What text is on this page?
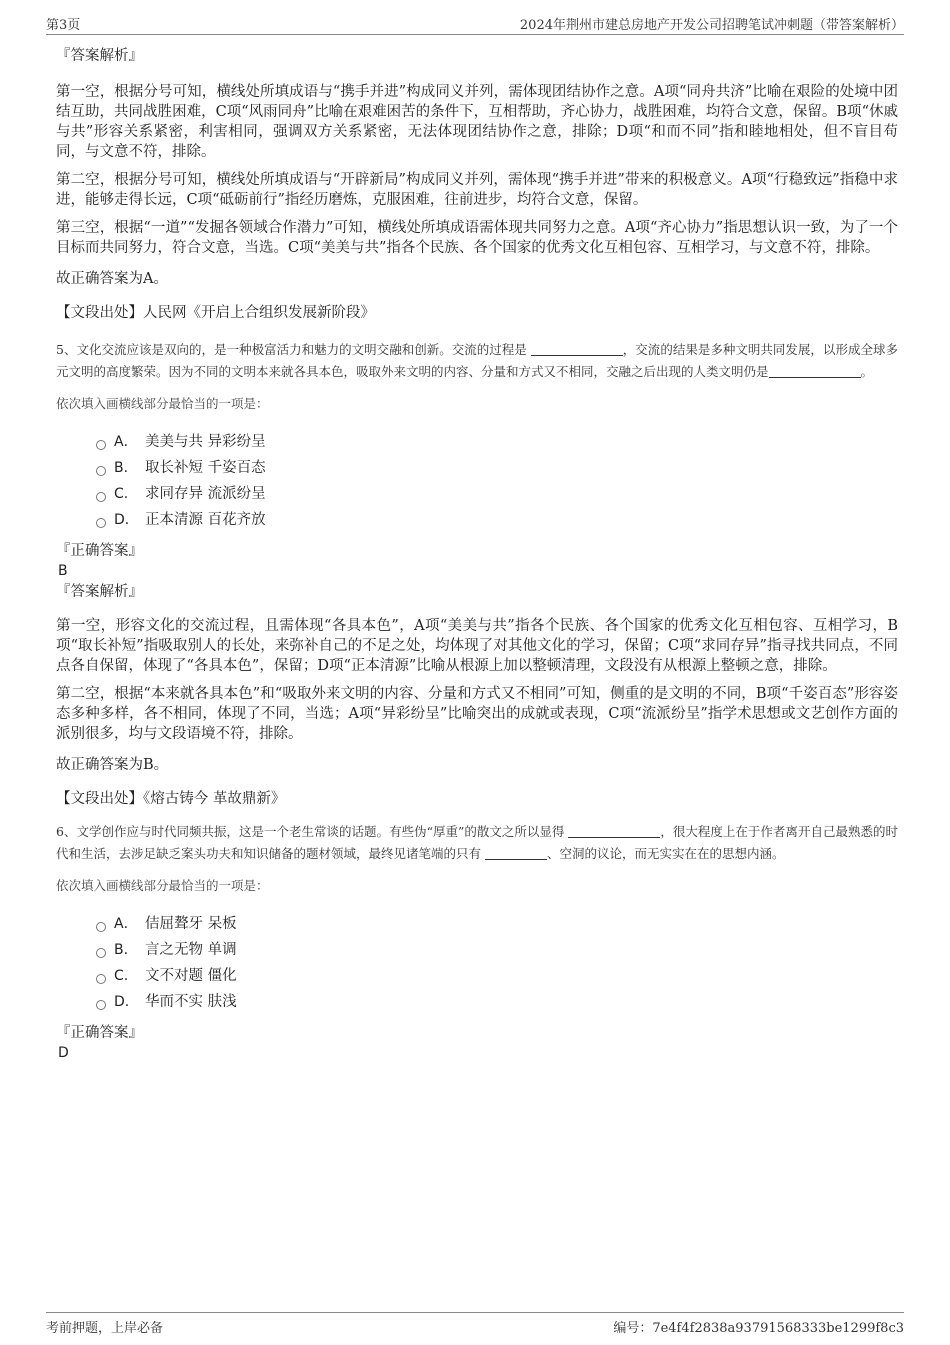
第3页	2024年荆州市建总房地产开发公司招聘笔试冲刺题（带答案解析）

『答案解析』

第一空，根据分号可知，横线处所填成语与“携手并进”构成同义并列，需体现团结协作之意。A项“同舟共济”比喻在艰险的处境中团结互助，共同战胜困难，C项“风雨同舟”比喻在艰难困苦的条件下，互相帮助，齐心协力，战胜困难，均符合文意，保留。B项“休戚与共”形容关系紧密，利害相同，强调双方关系紧密，无法体现团结协作之意，排除；D项“和而不同”指和睦地相处，但不盲目苟同，与文意不符，排除。

第二空，根据分号可知，横线处所填成语与“开辟新局”构成同义并列，需体现“携手并进”带来的积极意义。A项“行稳致远”指稳中求进，能够走得长远，C项“砥砺前行”指经历磨炼，克服困难，往前进步，均符合文意，保留。

第三空，根据“一道”“发掘各领域合作潜力”可知，横线处所填成语需体现共同努力之意。A项“齐心协力”指思想认识一致，为了一个目标而共同努力，符合文意，当选。C项“美美与共”指各个民族、各个国家的优秀文化互相包容、互相学习，与文意不符，排除。

故正确答案为A。

【文段出处】人民网《开启上合组织发展新阶段》

5、文化交流应该是双向的，是一种极富活力和魅力的文明交融和创新。交流的过程是	，交流的结果是多种文明共同发展，以形成全球多元文明的高度繁荣。因为不同的文明本来就各具本色，吸取外来文明的内容、分量和方式又不相同，交融之后出现的人类文明仍是	。

依次填入画横线部分最恰当的一项是：

A． 美美与共 异彩纷呈
B. 取长补短 千姿百态
C. 求同存异 流派纷呈
D. 正本清源 百花齐放

『正确答案』

B

『答案解析』

第一空，形容文化的交流过程，且需体现“各具本色”，A项“美美与共”指各个民族、各个国家的优秀文化互相包容、互相学习，B项“取长补短”指吸取别人的长处，来弥补自己的不足之处，均体现了对其他文化的学习，保留；C项“求同存异”指寻找共同点，不同点各自保留，体现了“各具本色”，保留；D项“正本清源”比喻从根源上加以整顿清理，文段没有从根源上整顿之意，排除。

第二空，根据“本来就各具本色”和“吸取外来文明的内容、分量和方式又不相同”可知，侧重的是文明的不同，B项“千姿百态”形容姿态多种多样，各不相同，体现了不同，当选；A项“异彩纷呈”比喻突出的成就或表现，C项“流派纷呈”指学术思想或文艺创作方面的派别很多，均与文段语境不符，排除。

故正确答案为B。

【文段出处】《熔古铸今 革故鼎新》

6、文学创作应与时代同频共振，这是一个老生常谈的话题。有些伪“厚重”的散文之所以显得	，很大程度上在于作者离开自己最熟悉的时代和生活，去涉足缺乏案头功夫和知识储备的题材领域，最终见诸笔端的只有	、空洞的议论，而无实实在在的思想内涵。

依次填入画横线部分最恰当的一项是：

A． 佶屈聱牙 呆板
B. 言之无物 单调
C. 文不对题 僵化
D. 华而不实 肤浅

『正确答案』

D

考前押题，上岸必备	编号：7e4f4f2838a93791568333be1299f8c3
